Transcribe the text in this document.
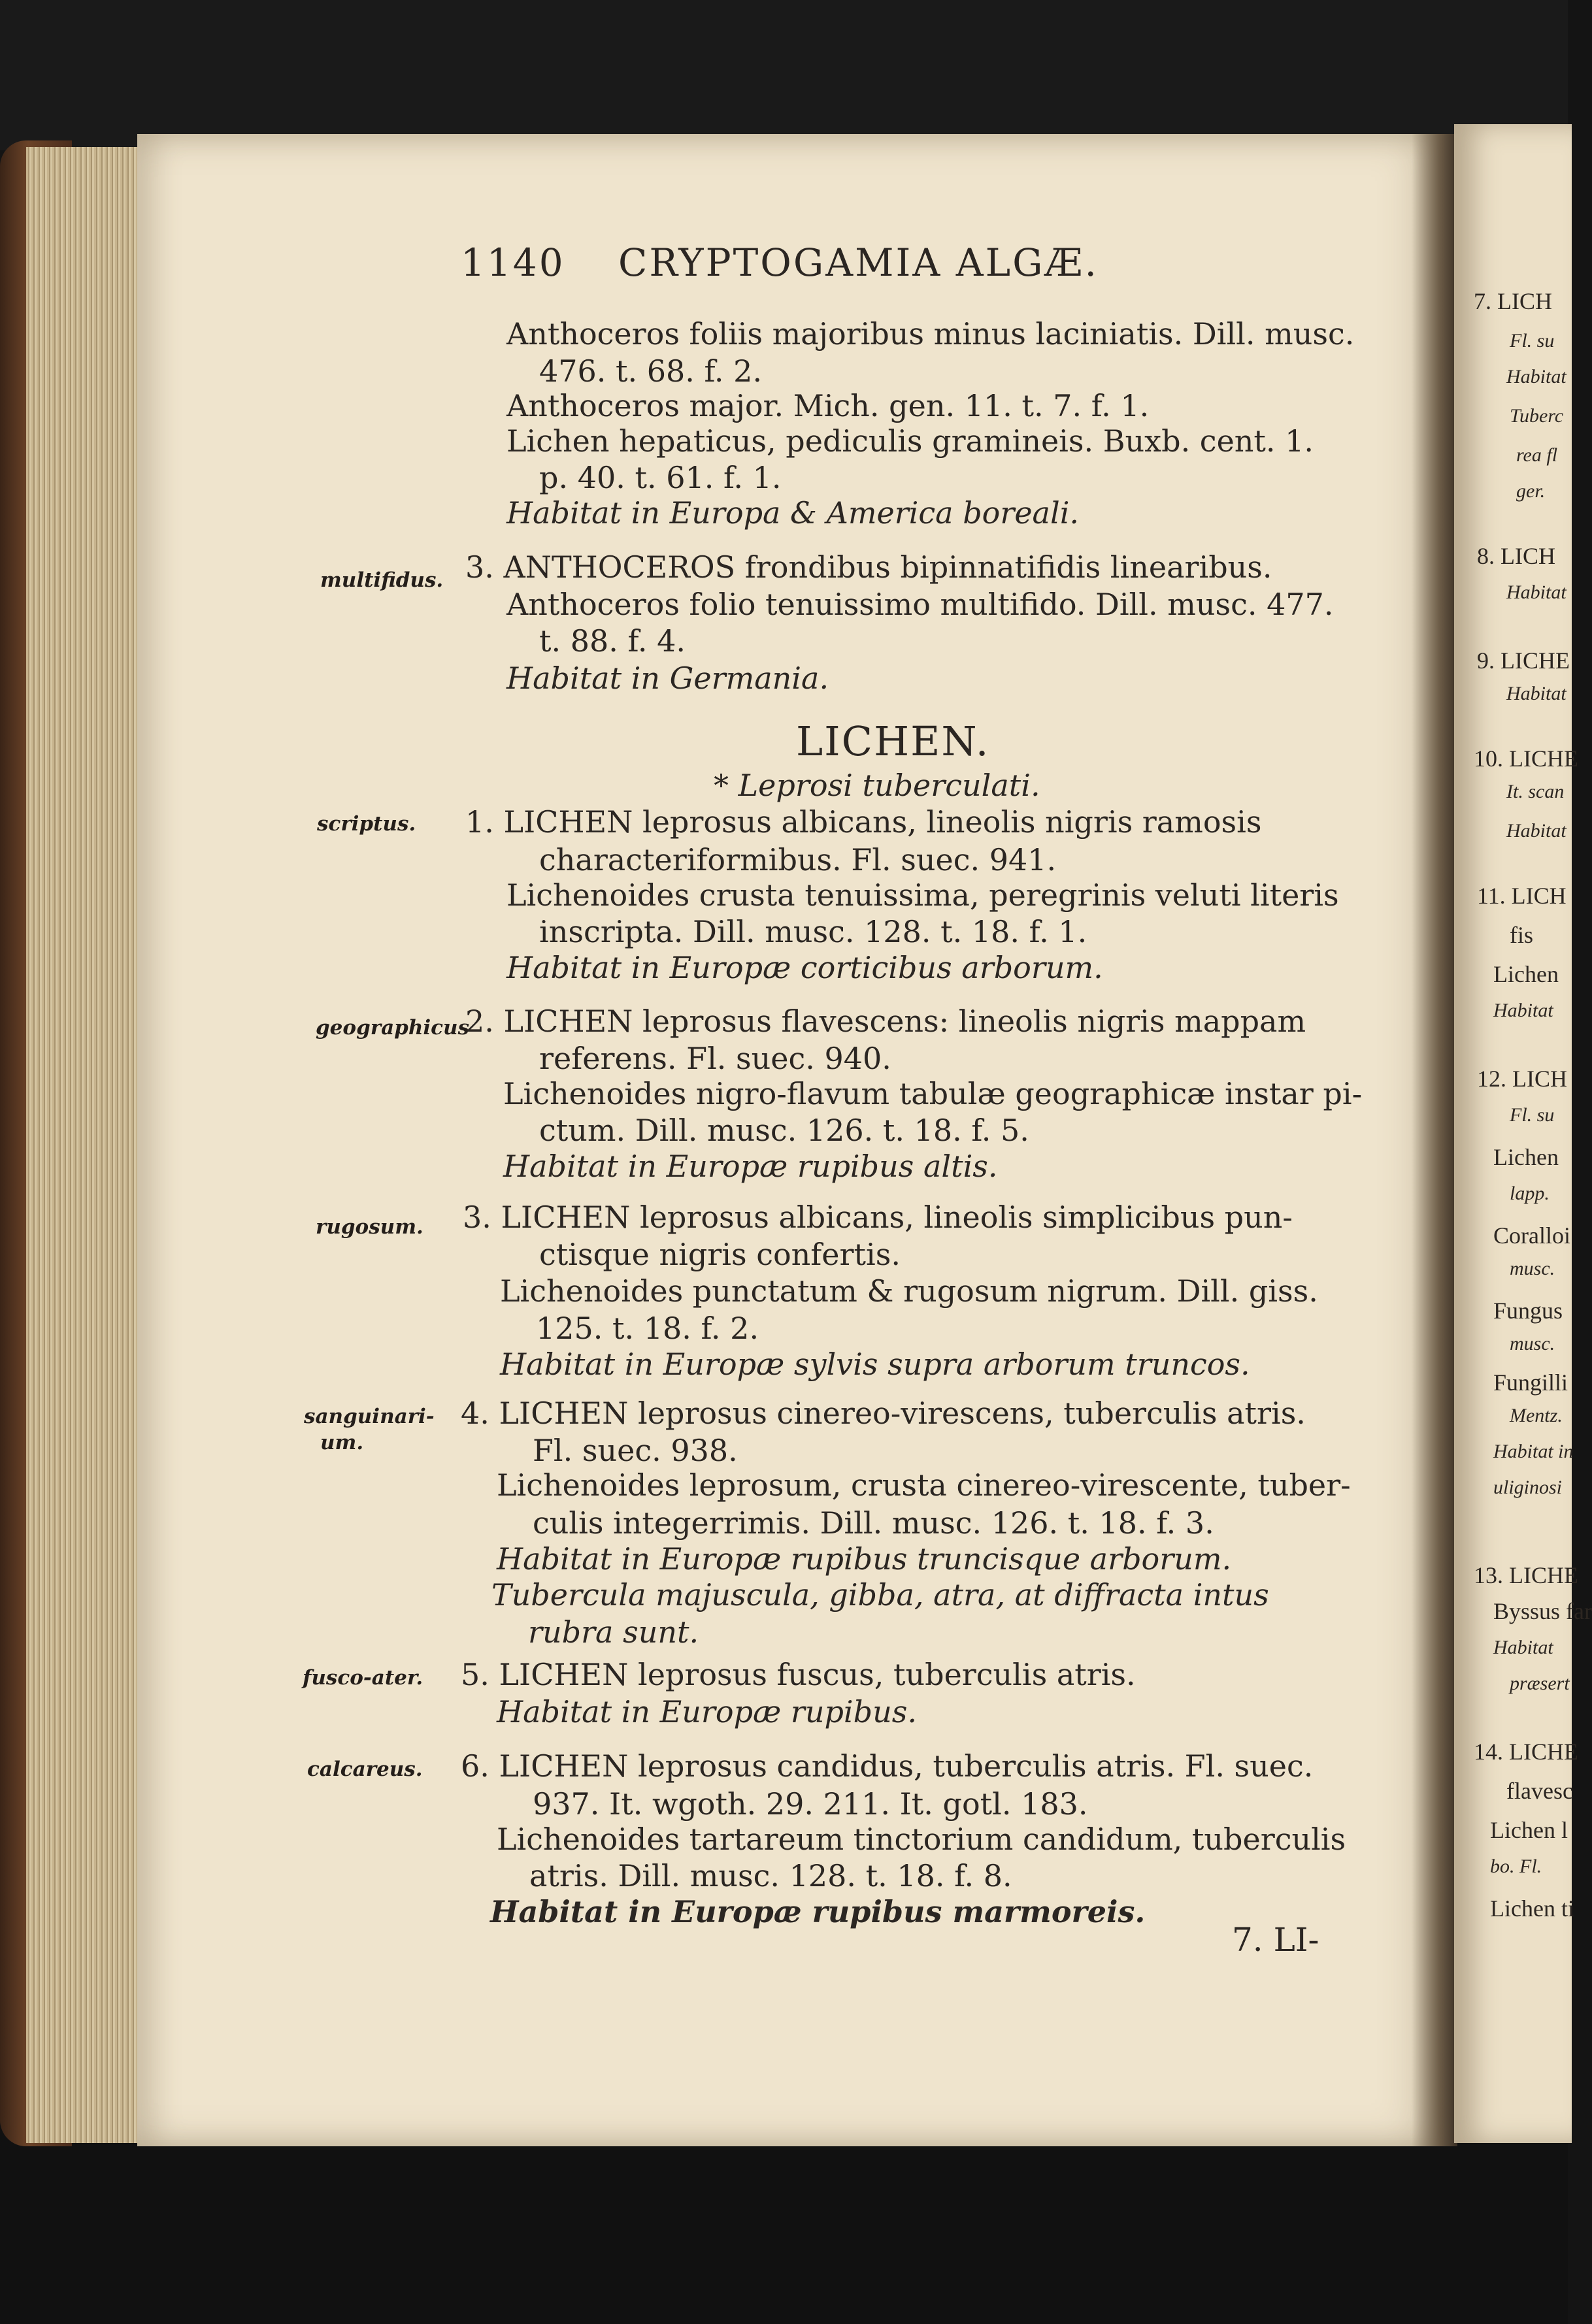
7. LICH
Fl. su
Habitat
Tuberc
rea fl
ger.
8. LICH
Habitat
9. LICHE
Habitat
10. LICHE
It. scan
Habitat
11. LICH
fis
Lichen
Habitat
12. LICH
Fl. su
Lichen
lapp.
Coralloi
musc.
Fungus
musc.
Fungilli
Mentz.
Habitat in
uliginosi
13. LICHE
Byssus far
Habitat
præsert
14. LICHE
flavesc
Lichen l
bo. Fl.
Lichen ti
1140 CRYPTOGAMIA ALGÆ.
Anthoceros foliis majoribus minus laciniatis. Dill. musc.
476. t. 68. f. 2.
Anthoceros major. Mich. gen. 11. t. 7. f. 1.
Lichen hepaticus, pediculis gramineis. Buxb. cent. 1.
p. 40. t. 61. f. 1.
Habitat in Europa & America boreali.
multifidus. 3. ANTHOCEROS frondibus bipinnatifidis linearibus.
Anthoceros folio tenuissimo multifido. Dill. musc. 477.
t. 88. f. 4.
Habitat in Germania.
LICHEN.
* Leprosi tuberculati.
scriptus. 1. LICHEN leprosus albicans, lineolis nigris ramosis
characteriformibus. Fl. suec. 941.
Lichenoides crusta tenuissima, peregrinis veluti literis
inscripta. Dill. musc. 128. t. 18. f. 1.
Habitat in Europæ corticibus arborum.
geographicus
2. LICHEN leprosus flavescens: lineolis nigris mappam
referens. Fl. suec. 940.
Lichenoides nigro-flavum tabulæ geographicæ instar pi-
ctum. Dill. musc. 126. t. 18. f. 5.
Habitat in Europæ rupibus altis.
rugosum. 3. LICHEN leprosus albicans, lineolis simplicibus pun-
ctisque nigris confertis.
Lichenoides punctatum & rugosum nigrum. Dill. giss.
125. t. 18. f. 2.
Habitat in Europæ sylvis supra arborum truncos.
sanguinari-
um.
4. LICHEN leprosus cinereo-virescens, tuberculis atris.
Fl. suec. 938.
Lichenoides leprosum, crusta cinereo-virescente, tuber-
culis integerrimis. Dill. musc. 126. t. 18. f. 3.
Habitat in Europæ rupibus truncisque arborum.
Tubercula majuscula, gibba, atra, at diffracta intus
rubra sunt.
fusco-ater. 5. LICHEN leprosus fuscus, tuberculis atris.
Habitat in Europæ rupibus.
calcareus. 6. LICHEN leprosus candidus, tuberculis atris. Fl. suec.
937. It. wgoth. 29. 211. It. gotl. 183.
Lichenoides tartareum tinctorium candidum, tuberculis
atris. Dill. musc. 128. t. 18. f. 8.
Habitat in Europæ rupibus marmoreis.
7. LI-
